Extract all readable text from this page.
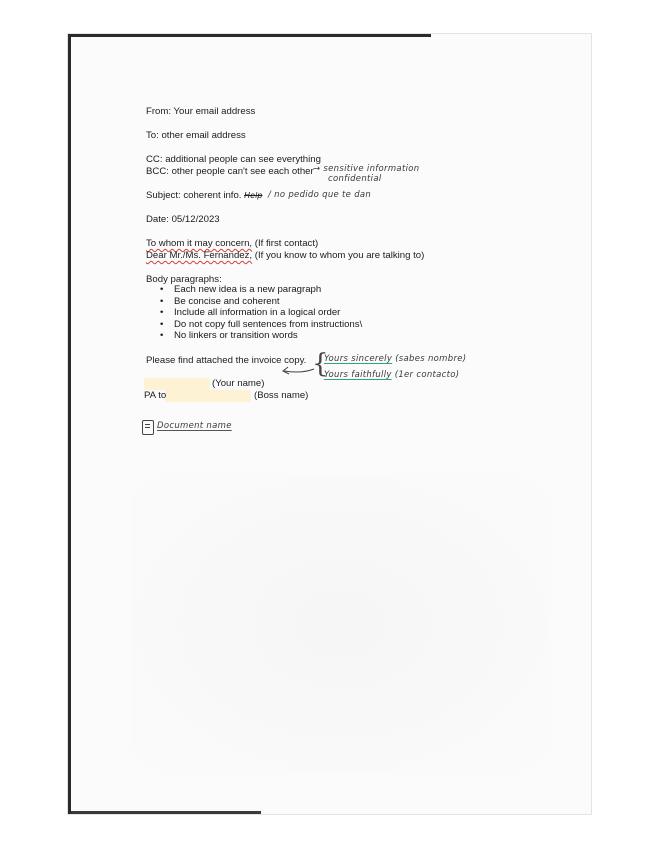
From: Your email address
To: other email address
CC: additional people can see everything
BCC: other people can't see each other → sensitive information
confidential
Subject: coherent info. Help / no pedido que te dan
Date: 05/12/2023
To whom it may concern, (If first contact)
Dear Mr./Ms. Fernandez, (If you know to whom you are talking to)
Body paragraphs:
• Each new idea is a new paragraph
• Be concise and coherent
• Include all information in a logical order
• Do not copy full sentences from instructions\
• No linkers or transition words
Please find attached the invoice copy. {
Yours sincerely (sabes nombre)
Yours faithfully (1er contacto)
(Your name)
PA to	(Boss name)
Document name
